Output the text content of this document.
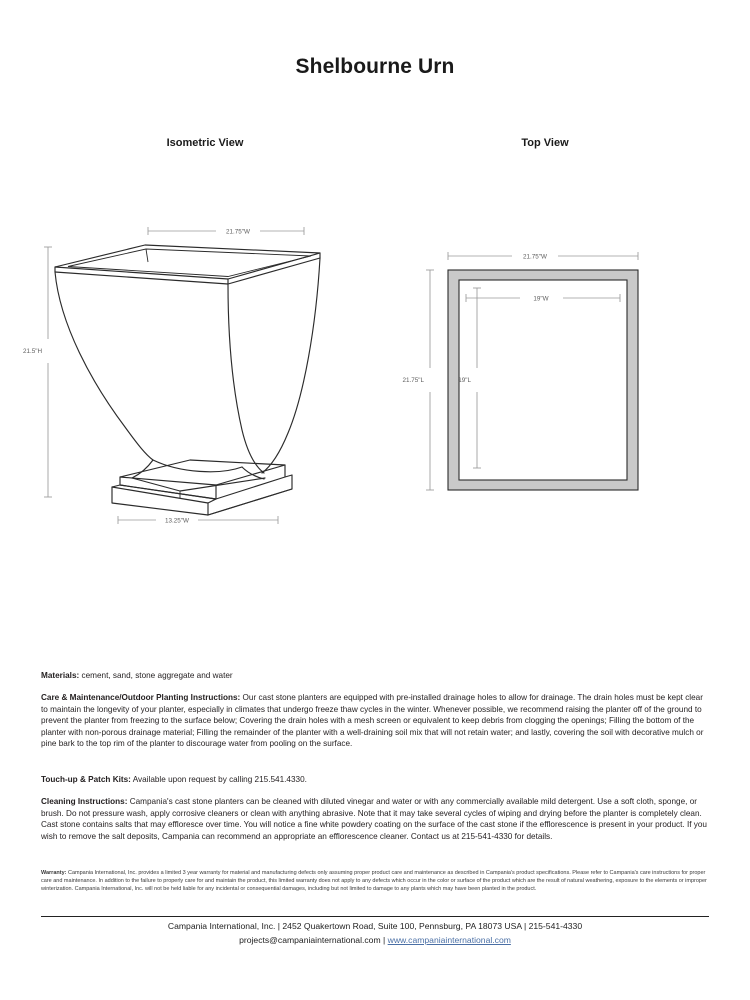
Shelbourne Urn
Isometric View	Top View
21.75"W
21.5"H
13.25"W
21.75"W
21.75"L
19"W
19"L
Materials: cement, sand, stone aggregate and water
Care & Maintenance/Outdoor Planting Instructions: Our cast stone planters are equipped with pre-installed drainage holes to allow for drainage. The drain holes must be kept clear to maintain the longevity of your planter, especially in climates that undergo freeze thaw cycles in the winter. Whenever possible, we recommend raising the planter off of the ground to prevent the planter from freezing to the surface below; Covering the drain holes with a mesh screen or equivalent to keep debris from clogging the openings; Filling the bottom of the planter with non-porous drainage material; Filling the remainder of the planter with a well-draining soil mix that will not retain water; and lastly, covering the soil with decorative mulch or pine bark to the top rim of the planter to discourage water from pooling on the surface.
Touch-up & Patch Kits: Available upon request by calling 215.541.4330.
Cleaning Instructions: Campania's cast stone planters can be cleaned with diluted vinegar and water or with any commercially available mild detergent. Use a soft cloth, sponge, or brush. Do not pressure wash, apply corrosive cleaners or clean with anything abrasive. Note that it may take several cycles of wiping and drying before the planter is completely clean. Cast stone contains salts that may effloresce over time. You will notice a fine white powdery coating on the surface of the cast stone if the efflorescence is present in your product. If you wish to remove the salt deposits, Campania can recommend an appropriate an efflorescence cleaner. Contact us at 215-541-4330 for details.
Warranty: Campania International, Inc. provides a limited 3 year warranty for material and manufacturing defects only assuming proper product care and maintenance as described in Campania's product specifications. Please refer to Campania's care instructions for proper care and maintenance. In addition to the failure to properly care for and maintain the product, this limited warranty does not apply to any defects which occur in the color or surface of the product which are the result of natural weathering, exposure to the elements or improper winterization. Campania International, Inc. will not be held liable for any incidental or consequential damages, including but not limited to damage to any plants which may have been planted in the product.
Campania International, Inc. | 2452 Quakertown Road, Suite 100, Pennsburg, PA 18073 USA | 215-541-4330
projects@campaniainternational.com | www.campaniainternational.com
